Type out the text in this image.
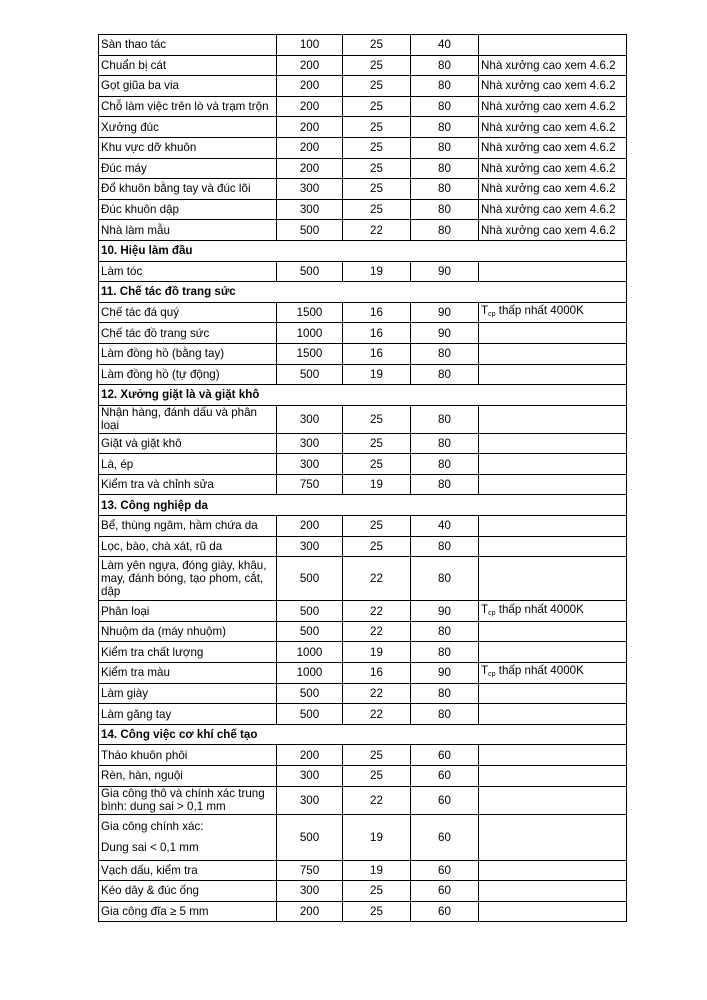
Sàn thao tác	100	25	40	
Chuẩn bị cát	200	25	80	Nhà xưởng cao xem 4.6.2
Gọt giũa ba via	200	25	80	Nhà xưởng cao xem 4.6.2
Chỗ làm việc trên lò và trạm trộn	200	25	80	Nhà xưởng cao xem 4.6.2
Xưởng đúc	200	25	80	Nhà xưởng cao xem 4.6.2
Khu vực dỡ khuôn	200	25	80	Nhà xưởng cao xem 4.6.2
Đúc máy	200	25	80	Nhà xưởng cao xem 4.6.2
Đổ khuôn bằng tay và đúc lõi	300	25	80	Nhà xưởng cao xem 4.6.2
Đúc khuôn dập	300	25	80	Nhà xưởng cao xem 4.6.2
Nhà làm mẫu	500	22	80	Nhà xưởng cao xem 4.6.2
10. Hiệu làm đầu				
Làm tóc	500	19	90	
11. Chế tác đồ trang sức				
Chế tác đá quý	1500	16	90	$T_{cp}$ thấp nhất 4000K
Chế tác đồ trang sức	1000	16	90	
Làm đồng hồ (bằng tay)	1500	16	80	
Làm đồng hồ (tự động)	500	19	80	
12. Xưởng giặt là và giặt khô				
Nhận hàng, đánh dấu và phân loại	300	25	80	
Giặt và giặt khô	300	25	80	
Là, ép	300	25	80	
Kiểm tra và chỉnh sửa	750	19	80	
13. Công nghiệp da				
Bể, thùng ngâm, hầm chứa da	200	25	40	
Lọc, bào, chà xát, rũ da	300	25	80	
Làm yên ngựa, đóng giày, khâu, may, đánh bóng, tạo phom, cắt, dập	500	22	80	
Phân loại	500	22	90	$T_{cp}$ thấp nhất 4000K
Nhuộm da (máy nhuộm)	500	22	80	
Kiểm tra chất lượng	1000	19	80	
Kiểm tra màu	1000	16	90	$T_{cp}$ thấp nhất 4000K
Làm giày	500	22	80	
Làm găng tay	500	22	80	
14. Công việc cơ khí chế tạo				
Tháo khuôn phôi	200	25	60	
Rèn, hàn, nguội	300	25	60	
Gia công thô và chính xác trung bình: dung sai > 0,1 mm	300	22	60	
Gia công chính xác:
Dung sai < 0,1 mm	500	19	60	
Vạch dấu, kiểm tra	750	19	60	
Kéo dây & đúc ống	300	25	60	
Gia công đĩa ≥ 5 mm	200	25	60	
